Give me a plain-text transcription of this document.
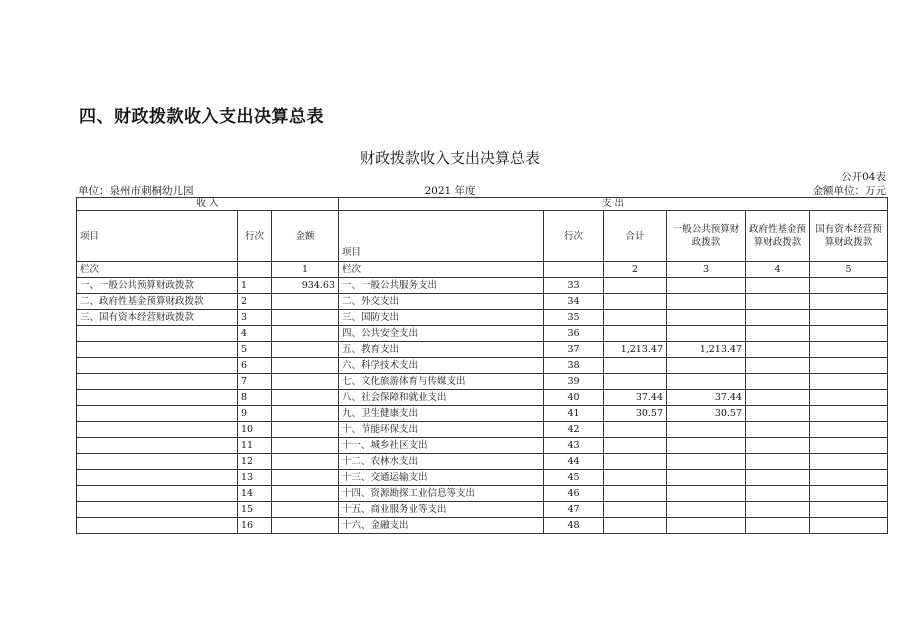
四、财政拨款收入支出决算总表
财政拨款收入支出决算总表
公开04表
单位：泉州市刺桐幼儿园	2021 年度	金额单位：万元
收 入			支 出					
项目	行次	金额	项目	行次	合计	一般公共预算财政拨款	政府性基金预算财政拨款	国有资本经营预算财政拨款
栏次		1	栏次		2	3	4	5
一、一般公共预算财政拨款	1	934.63	一、一般公共服务支出	33				
二、政府性基金预算财政拨款	2		二、外交支出	34				
三、国有资本经营财政拨款	3		三、国防支出	35				
	4		四、公共安全支出	36				
	5		五、教育支出	37	1,213.47	1,213.47		
	6		六、科学技术支出	38				
	7		七、文化旅游体育与传媒支出	39				
	8		八、社会保障和就业支出	40	37.44	37.44		
	9		九、卫生健康支出	41	30.57	30.57		
	10		十、节能环保支出	42				
	11		十一、城乡社区支出	43				
	12		十二、农林水支出	44				
	13		十三、交通运输支出	45				
	14		十四、资源勘探工业信息等支出	46				
	15		十五、商业服务业等支出	47				
	16		十六、金融支出	48				
